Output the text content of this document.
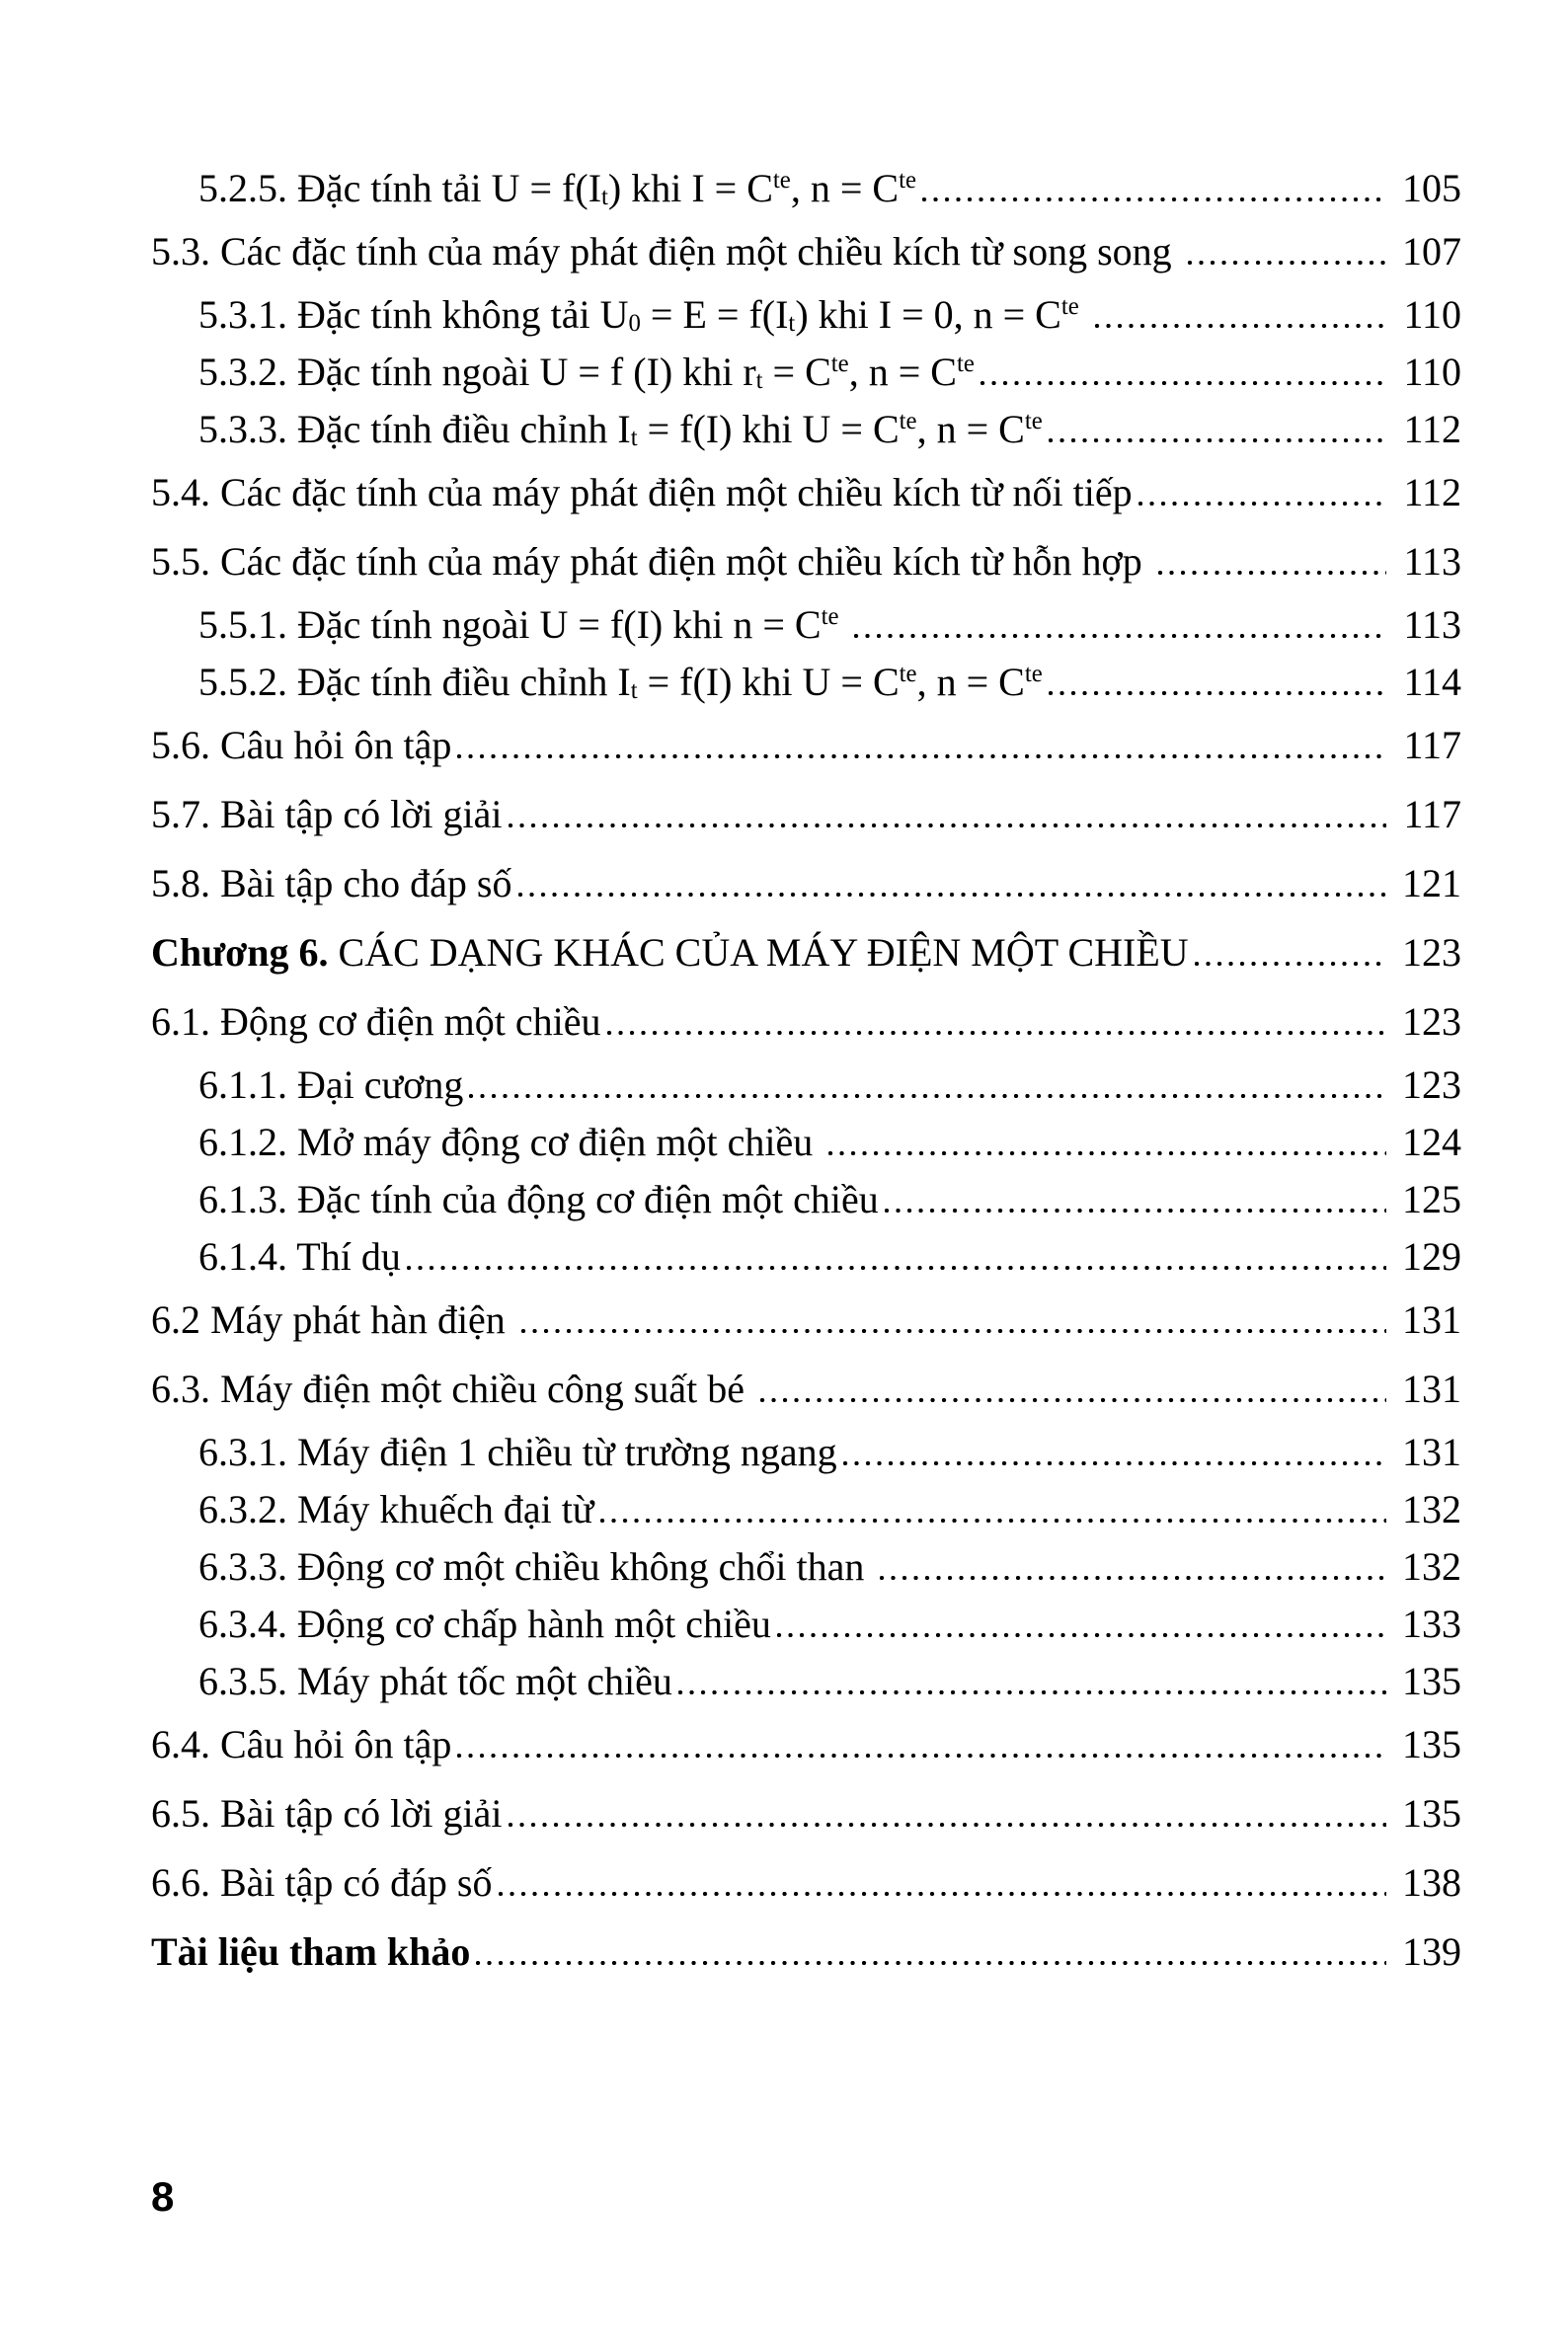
5.2.5. Đặc tính tải $U = f(I_t)$ khi $I = C^{te}$, $n = C^{te}$	105
5.3. Các đặc tính của máy phát điện một chiều kích từ song song	107
5.3.1. Đặc tính không tải $U_0 = E = f(I_t)$ khi I = 0, $n = C^{te}$	110
5.3.2. Đặc tính ngoài U = f (I) khi $r_t = C^{te}$, $n = C^{te}$	110
5.3.3. Đặc tính điều chỉnh $I_t = f(I)$ khi $U = C^{te}$, $n = C^{te}$	112
5.4. Các đặc tính của máy phát điện một chiều kích từ nối tiếp	112
5.5. Các đặc tính của máy phát điện một chiều kích từ hỗn hợp	113
5.5.1. Đặc tính ngoài U = f(I) khi $n = C^{te}$	113
5.5.2. Đặc tính điều chỉnh $I_t = f(I)$ khi $U = C^{te}$, $n = C^{te}$	114
5.6. Câu hỏi ôn tập	117
5.7. Bài tập có lời giải	117
5.8. Bài tập cho đáp số	121
Chương 6. CÁC DẠNG KHÁC CỦA MÁY ĐIỆN MỘT CHIỀU	123
6.1. Động cơ điện một chiều	123
6.1.1. Đại cương	123
6.1.2. Mở máy động cơ điện một chiều	124
6.1.3. Đặc tính của động cơ điện một chiều	125
6.1.4. Thí dụ	129
6.2 Máy phát hàn điện	131
6.3. Máy điện một chiều công suất bé	131
6.3.1. Máy điện 1 chiều từ trường ngang	131
6.3.2. Máy khuếch đại từ	132
6.3.3. Động cơ một chiều không chổi than	132
6.3.4. Động cơ chấp hành một chiều	133
6.3.5. Máy phát tốc một chiều	135
6.4. Câu hỏi ôn tập	135
6.5. Bài tập có lời giải	135
6.6. Bài tập có đáp số	138
Tài liệu tham khảo	139
8
